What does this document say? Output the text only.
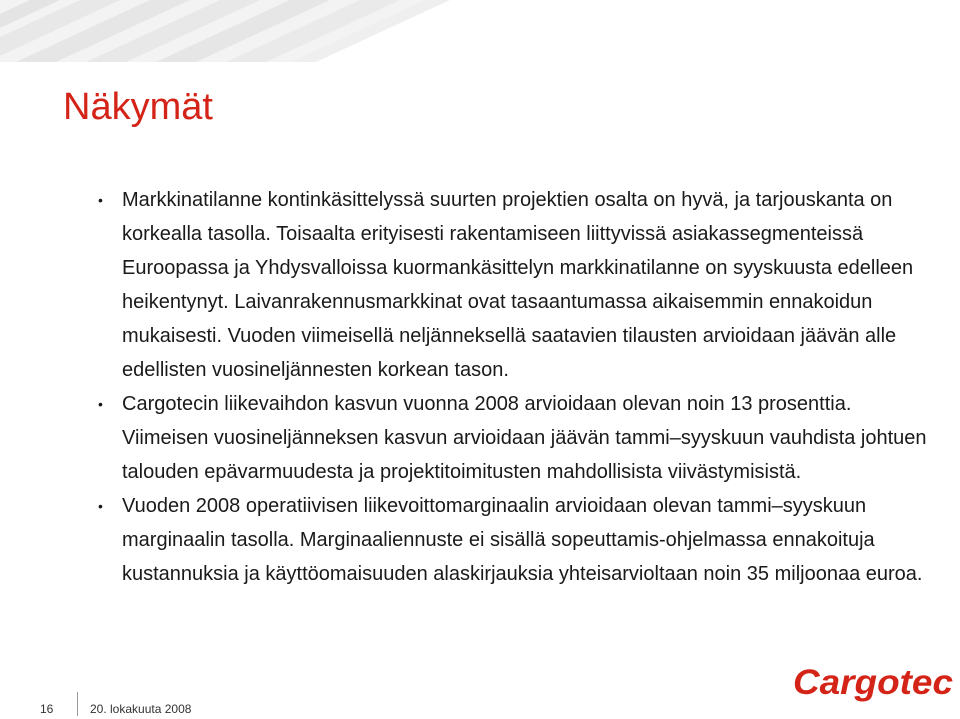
Näkymät
• Markkinatilanne kontinkäsittelyssä suurten projektien osalta on hyvä, ja tarjouskanta on korkealla tasolla. Toisaalta erityisesti rakentamiseen liittyvissä asiakassegmenteissä Euroopassa ja Yhdysvalloissa kuormankäsittelyn markkinatilanne on syyskuusta edelleen heikentynyt. Laivanrakennusmarkkinat ovat tasaantumassa aikaisemmin ennakoidun mukaisesti. Vuoden viimeisellä neljänneksellä saatavien tilausten arvioidaan jäävän alle edellisten vuosineljännesten korkean tason.
• Cargotecin liikevaihdon kasvun vuonna 2008 arvioidaan olevan noin 13 prosenttia. Viimeisen vuosineljänneksen kasvun arvioidaan jäävän tammi–syyskuun vauhdista johtuen talouden epävarmuudesta ja projektitoimitusten mahdollisista viivästymisistä.
• Vuoden 2008 operatiivisen liikevoittomarginaalin arvioidaan olevan tammi–syyskuun marginaalin tasolla. Marginaaliennuste ei sisällä sopeuttamis-ohjelmassa ennakoituja kustannuksia ja käyttöomaisuuden alaskirjauksia yhteisarvioltaan noin 35 miljoonaa euroa.
16	20. lokakuuta 2008
Cargotec
